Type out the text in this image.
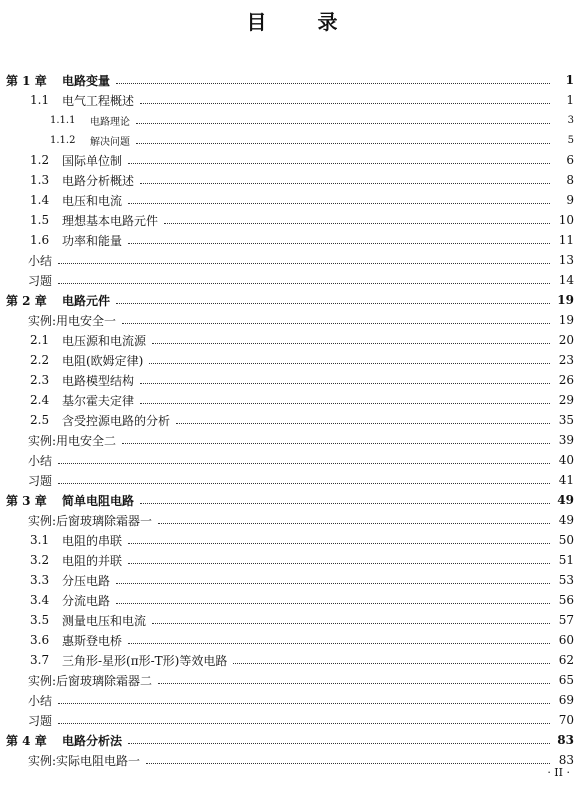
目 录
第 1 章	电路变量	1
1.1	电气工程概述	1
1.1.1	电路理论	3
1.1.2	解决问题	5
1.2	国际单位制	6
1.3	电路分析概述	8
1.4	电压和电流	9
1.5	理想基本电路元件	10
1.6	功率和能量	11
小结	13
习题	14
第 2 章	电路元件	19
实例:用电安全一	19
2.1	电压源和电流源	20
2.2	电阻(欧姆定律)	23
2.3	电路模型结构	26
2.4	基尔霍夫定律	29
2.5	含受控源电路的分析	35
实例:用电安全二	39
小结	40
习题	41
第 3 章	简单电阻电路	49
实例:后窗玻璃除霜器一	49
3.1	电阻的串联	50
3.2	电阻的并联	51
3.3	分压电路	53
3.4	分流电路	56
3.5	测量电压和电流	57
3.6	惠斯登电桥	60
3.7	三角形-星形(π形-T形)等效电路	62
实例:后窗玻璃除霜器二	65
小结	69
习题	70
第 4 章	电路分析法	83
实例:实际电阻电路一	83
· II ·
